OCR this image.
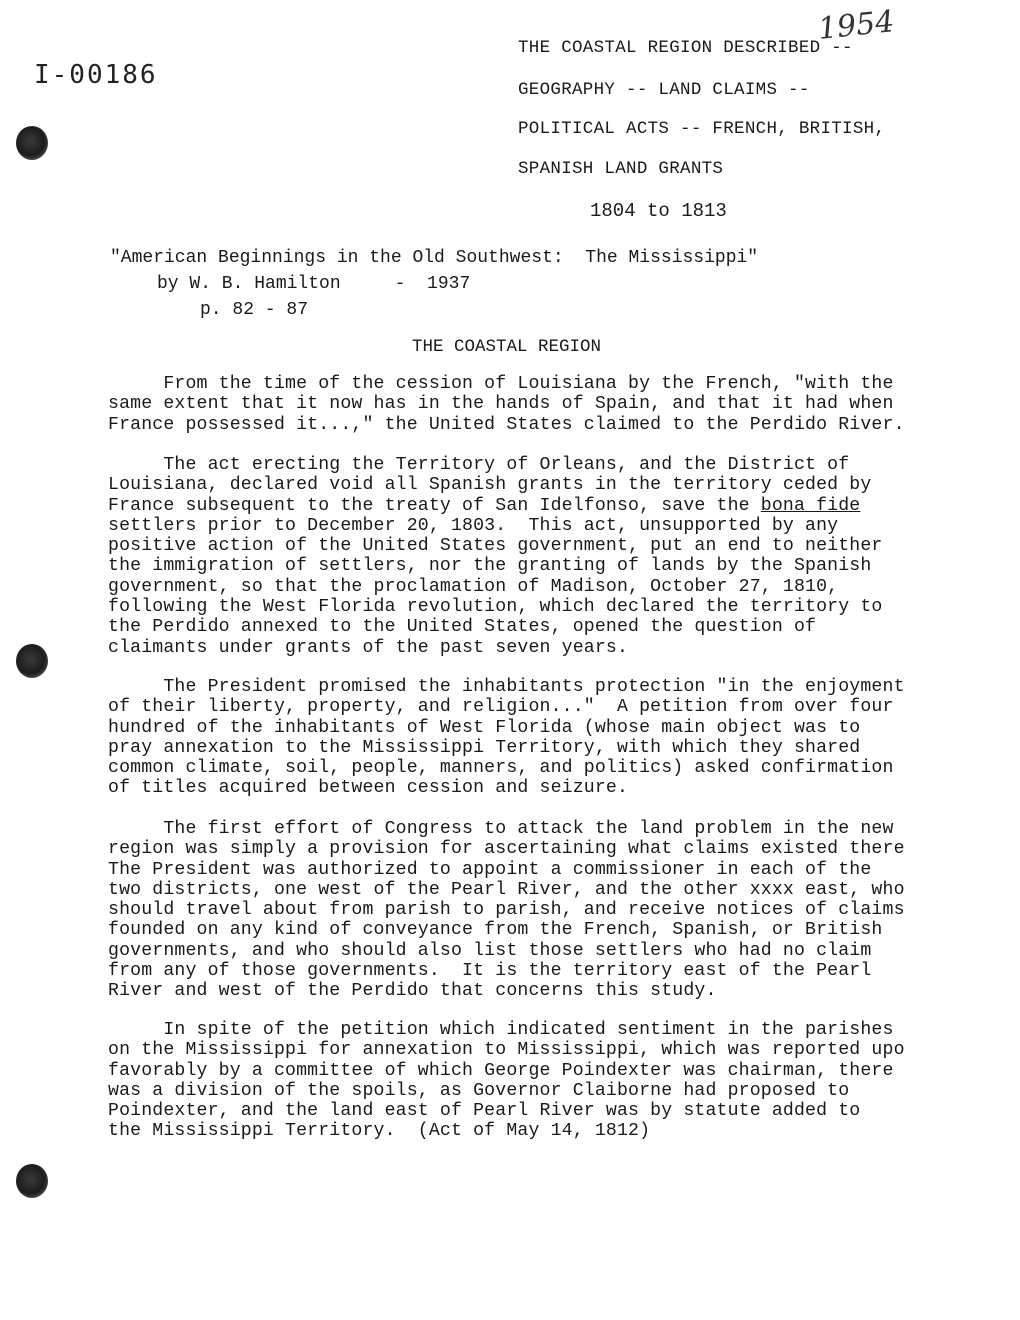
I-00186
1954
THE COASTAL REGION DESCRIBED --
GEOGRAPHY -- LAND CLAIMS --
POLITICAL ACTS -- FRENCH, BRITISH,
SPANISH LAND GRANTS
1804 to 1813
"American Beginnings in the Old Southwest:  The Mississippi"
by W. B. Hamilton     -  1937
p. 82 - 87
THE COASTAL REGION
From the time of the cession of Louisiana by the French, "with the
same extent that it now has in the hands of Spain, and that it had when
France possessed it...," the United States claimed to the Perdido River.
The act erecting the Territory of Orleans, and the District of
Louisiana, declared void all Spanish grants in the territory ceded by
France subsequent to the treaty of San Idelfonso, save the bona fide
settlers prior to December 20, 1803.  This act, unsupported by any
positive action of the United States government, put an end to neither
the immigration of settlers, nor the granting of lands by the Spanish
government, so that the proclamation of Madison, October 27, 1810,
following the West Florida revolution, which declared the territory to
the Perdido annexed to the United States, opened the question of
claimants under grants of the past seven years.
The President promised the inhabitants protection "in the enjoyment
of their liberty, property, and religion..."  A petition from over four
hundred of the inhabitants of West Florida (whose main object was to
pray annexation to the Mississippi Territory, with which they shared
common climate, soil, people, manners, and politics) asked confirmation
of titles acquired between cession and seizure.
The first effort of Congress to attack the land problem in the new
region was simply a provision for ascertaining what claims existed there
The President was authorized to appoint a commissioner in each of the
two districts, one west of the Pearl River, and the other xxxx east, who
should travel about from parish to parish, and receive notices of claims
founded on any kind of conveyance from the French, Spanish, or British
governments, and who should also list those settlers who had no claim
from any of those governments.  It is the territory east of the Pearl
River and west of the Perdido that concerns this study.
In spite of the petition which indicated sentiment in the parishes
on the Mississippi for annexation to Mississippi, which was reported upo
favorably by a committee of which George Poindexter was chairman, there
was a division of the spoils, as Governor Claiborne had proposed to
Poindexter, and the land east of Pearl River was by statute added to
the Mississippi Territory.  (Act of May 14, 1812)
